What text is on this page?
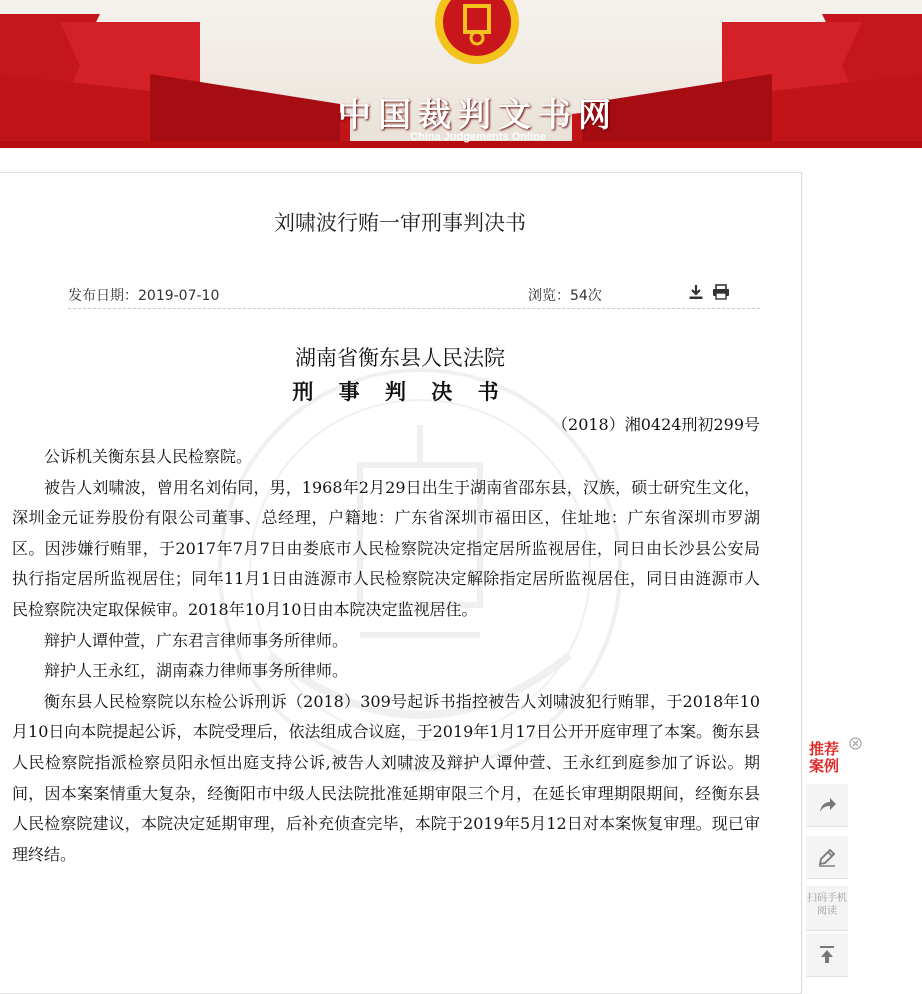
中国裁判文书网
China Judgements Online
刘啸波行贿一审刑事判决书
发布日期：2019-07-10	浏览：54次
湖南省衡东县人民法院
刑 事 判 决 书
（2018）湘0424刑初299号

公诉机关衡东县人民检察院。

被告人刘啸波，曾用名刘佑同，男，1968年2月29日出生于湖南省邵东县，汉族，硕士研究生文化，深圳金元证券股份有限公司董事、总经理，户籍地：广东省深圳市福田区，住址地：广东省深圳市罗湖区。因涉嫌行贿罪，于2017年7月7日由娄底市人民检察院决定指定居所监视居住，同日由长沙县公安局执行指定居所监视居住；同年11月1日由涟源市人民检察院决定解除指定居所监视居住，同日由涟源市人民检察院决定取保候审。2018年10月10日由本院决定监视居住。

辩护人谭仲萱，广东君言律师事务所律师。

辩护人王永红，湖南森力律师事务所律师。

衡东县人民检察院以东检公诉刑诉（2018）309号起诉书指控被告人刘啸波犯行贿罪，于2018年10月10日向本院提起公诉，本院受理后，依法组成合议庭，于2019年1月17日公开开庭审理了本案。衡东县人民检察院指派检察员阳永恒出庭支持公诉,被告人刘啸波及辩护人谭仲萱、王永红到庭参加了诉讼。期间，因本案案情重大复杂，经衡阳市中级人民法院批准延期审限三个月，在延长审理期限期间，经衡东县人民检察院建议，本院决定延期审理，后补充侦查完毕，本院于2019年5月12日对本案恢复审理。现已审理终结。

推荐案例
扫码手机阅读
